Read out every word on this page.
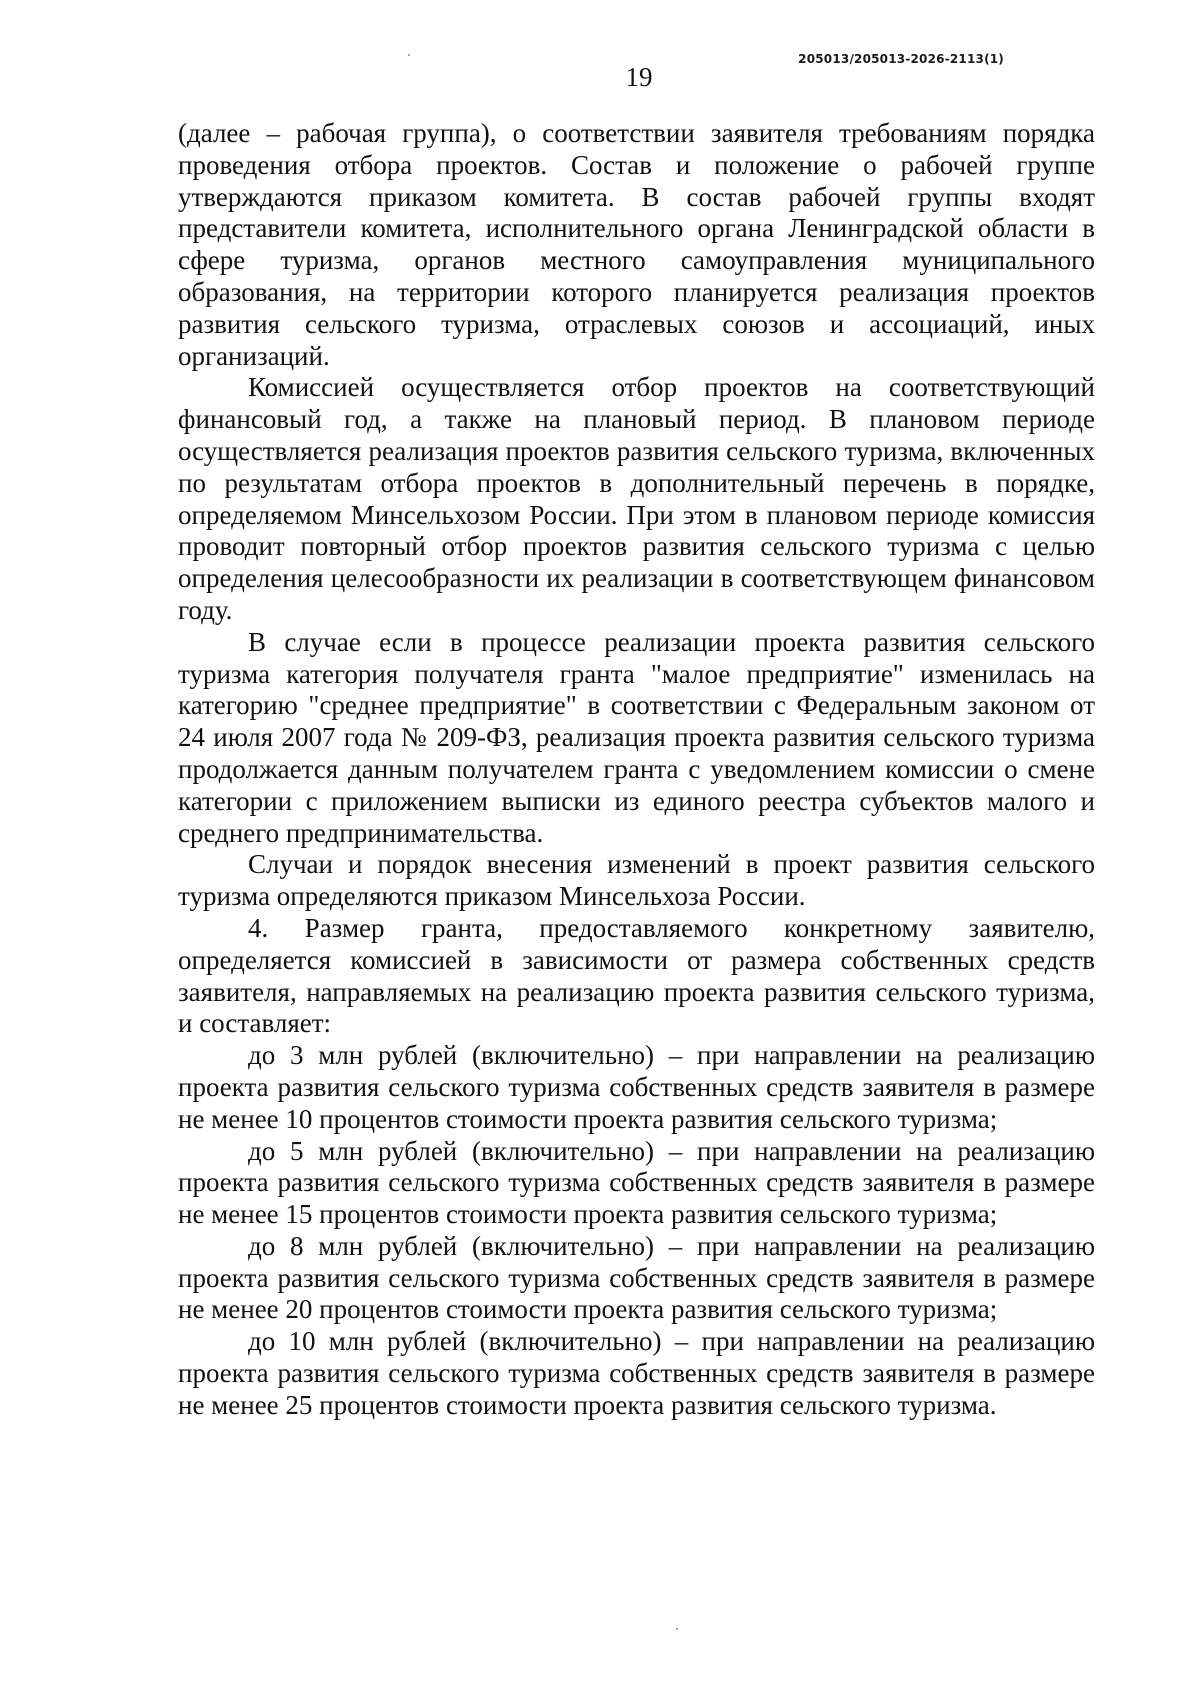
205013/205013-2026-2113(1)
19

(далее – рабочая группа), о соответствии заявителя требованиям порядка проведения отбора проектов. Состав и положение о рабочей группе утверждаются приказом комитета. В состав рабочей группы входят представители комитета, исполнительного органа Ленинградской области в сфере туризма, органов местного самоуправления муниципального образования, на территории которого планируется реализация проектов развития сельского туризма, отраслевых союзов и ассоциаций, иных организаций.

Комиссией осуществляется отбор проектов на соответствующий финансовый год, а также на плановый период. В плановом периоде осуществляется реализация проектов развития сельского туризма, включенных по результатам отбора проектов в дополнительный перечень в порядке, определяемом Минсельхозом России. При этом в плановом периоде комиссия проводит повторный отбор проектов развития сельского туризма с целью определения целесообразности их реализации в соответствующем финансовом году.

В случае если в процессе реализации проекта развития сельского туризма категория получателя гранта "малое предприятие" изменилась на категорию "среднее предприятие" в соответствии с Федеральным законом от 24 июля 2007 года № 209-ФЗ, реализация проекта развития сельского туризма продолжается данным получателем гранта с уведомлением комиссии о смене категории с приложением выписки из единого реестра субъектов малого и среднего предпринимательства.

Случаи и порядок внесения изменений в проект развития сельского туризма определяются приказом Минсельхоза России.

4. Размер гранта, предоставляемого конкретному заявителю, определяется комиссией в зависимости от размера собственных средств заявителя, направляемых на реализацию проекта развития сельского туризма, и составляет:

до 3 млн рублей (включительно) – при направлении на реализацию проекта развития сельского туризма собственных средств заявителя в размере не менее 10 процентов стоимости проекта развития сельского туризма;

до 5 млн рублей (включительно) – при направлении на реализацию проекта развития сельского туризма собственных средств заявителя в размере не менее 15 процентов стоимости проекта развития сельского туризма;

до 8 млн рублей (включительно) – при направлении на реализацию проекта развития сельского туризма собственных средств заявителя в размере не менее 20 процентов стоимости проекта развития сельского туризма;

до 10 млн рублей (включительно) – при направлении на реализацию проекта развития сельского туризма собственных средств заявителя в размере не менее 25 процентов стоимости проекта развития сельского туризма.
